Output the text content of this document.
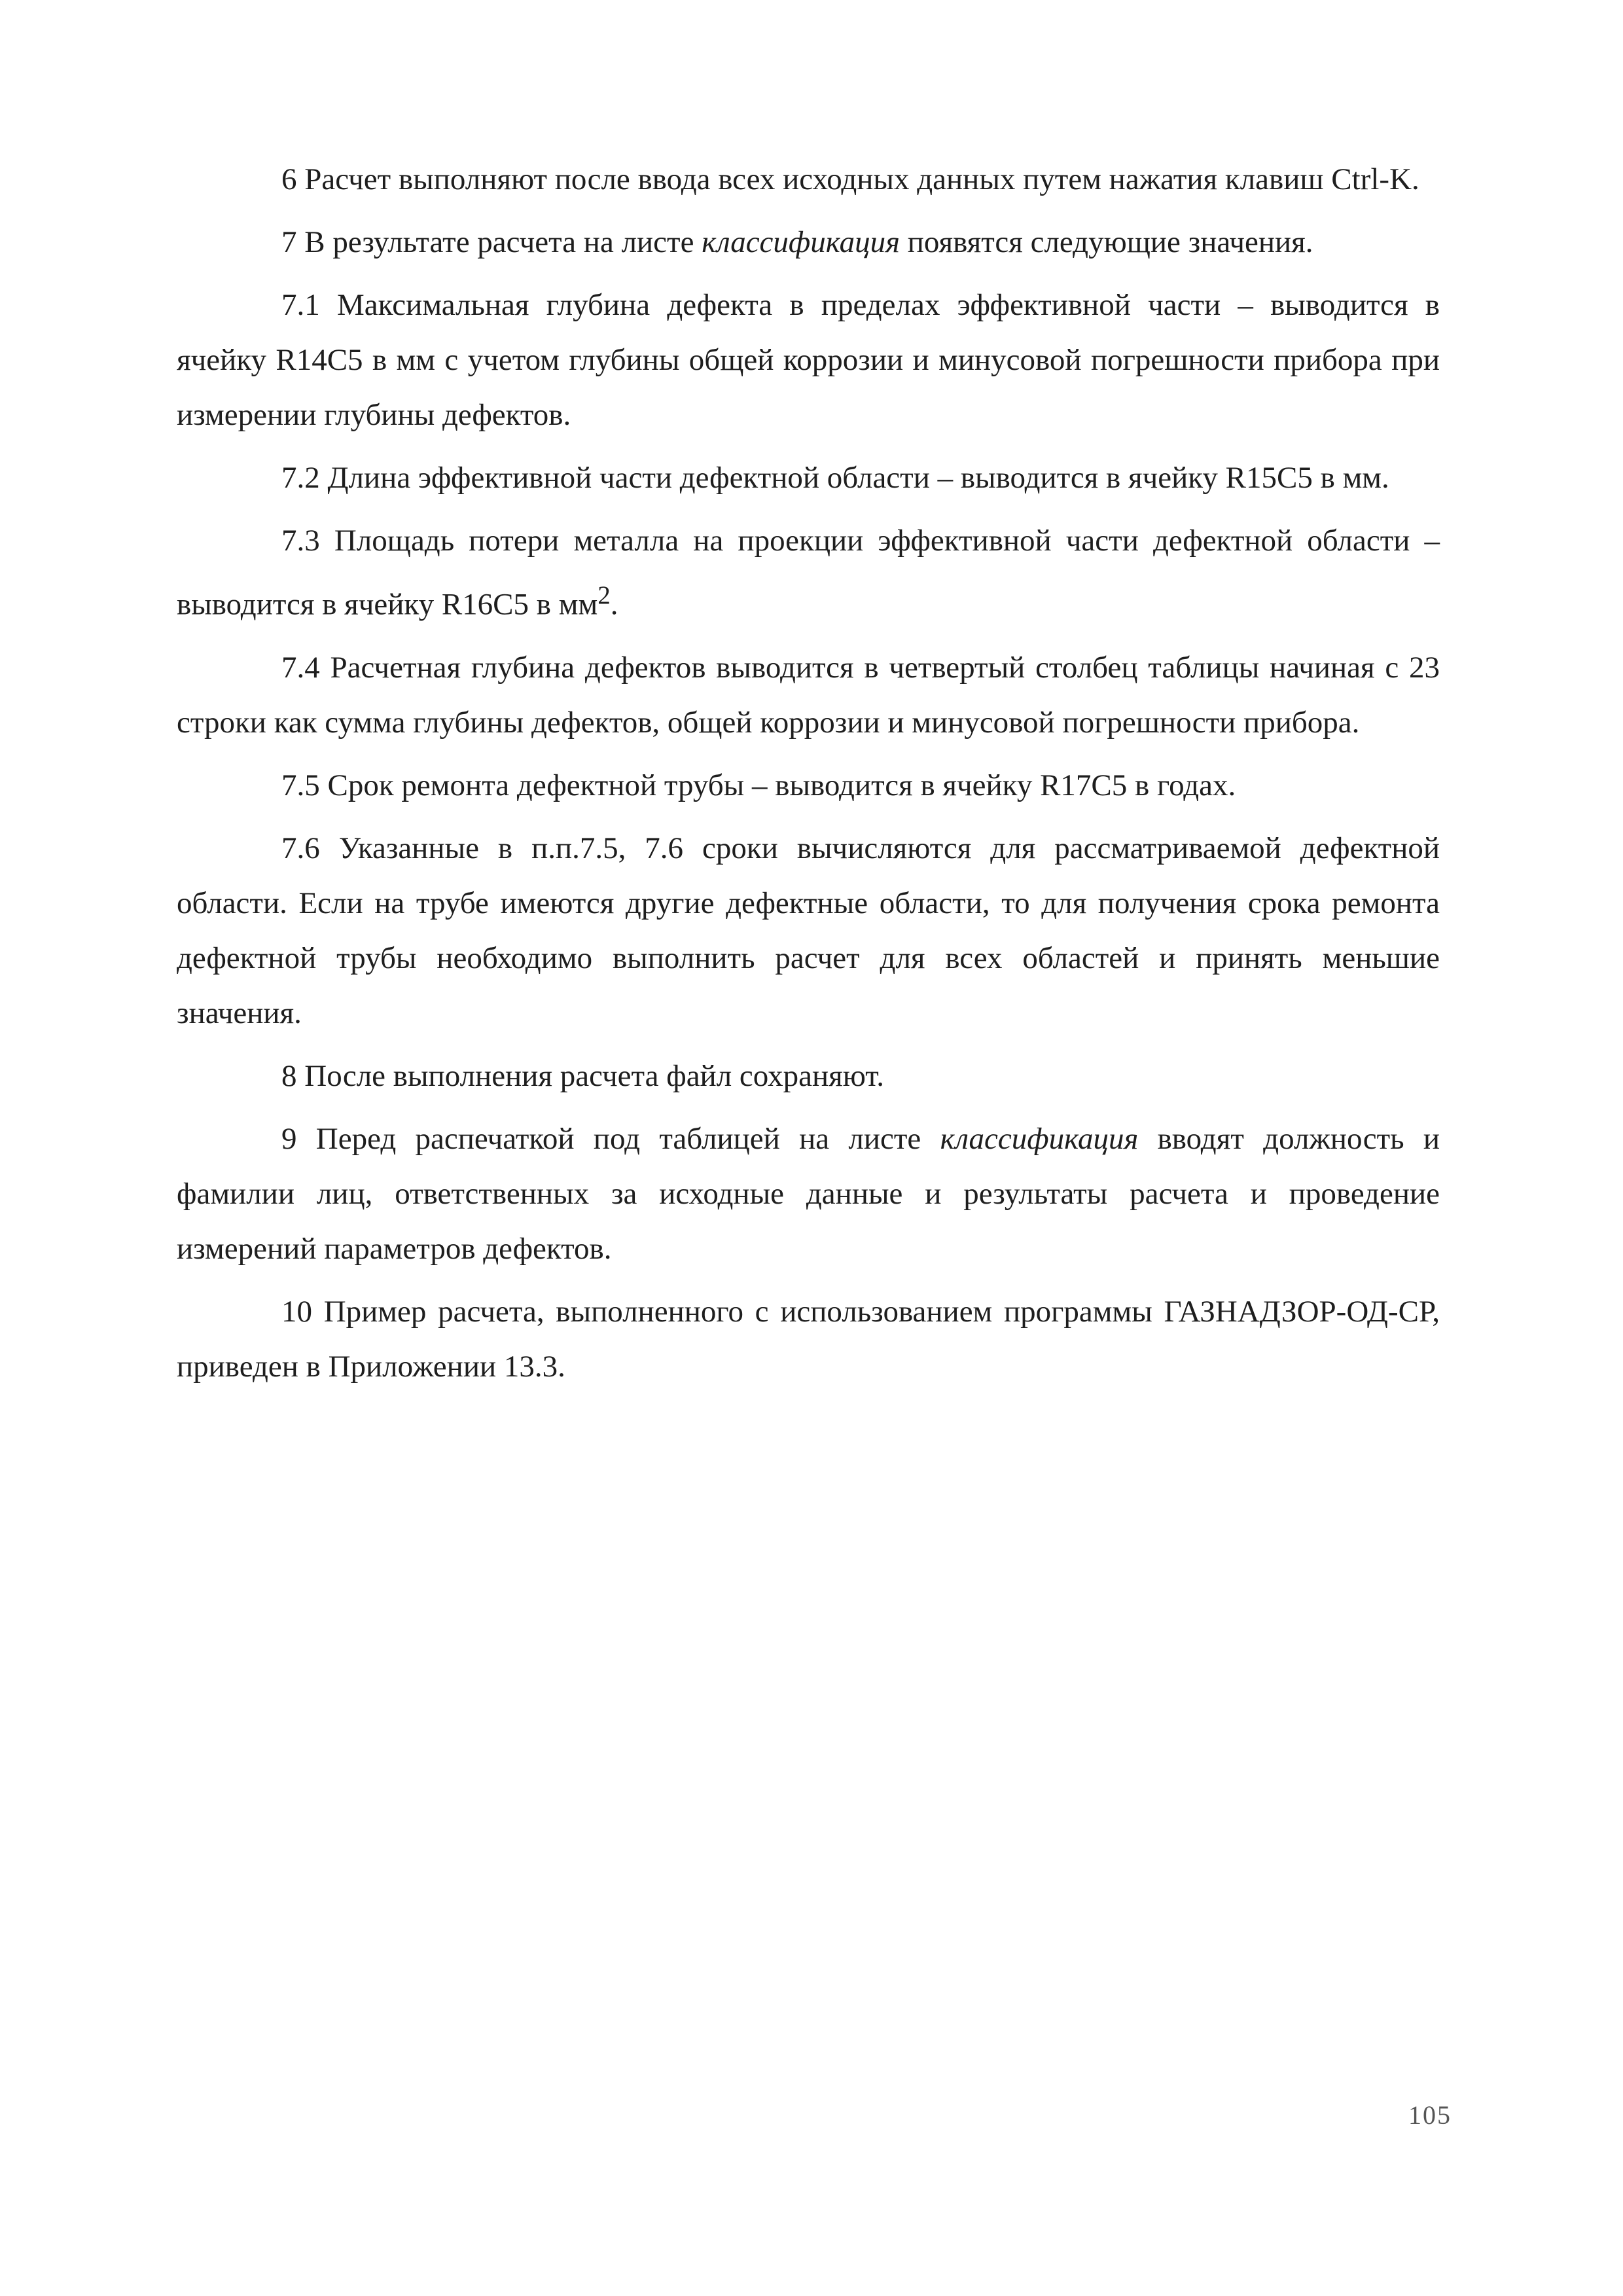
6 Расчет выполняют после ввода всех исходных данных путем нажатия клавиш Ctrl-K.

7 В результате расчета на листе классификация появятся следующие значения.

7.1 Максимальная глубина дефекта в пределах эффективной части – выводится в ячейку R14C5 в мм с учетом глубины общей коррозии и минусовой погрешности прибора при измерении глубины дефектов.

7.2 Длина эффективной части дефектной области – выводится в ячейку R15C5 в мм.

7.3 Площадь потери металла на проекции эффективной части дефектной области – выводится в ячейку R16C5 в $мм^2$.

7.4 Расчетная глубина дефектов выводится в четвертый столбец таблицы начиная с 23 строки как сумма глубины дефектов, общей коррозии и минусовой погрешности прибора.

7.5 Срок ремонта дефектной трубы – выводится в ячейку R17C5 в годах.

7.6 Указанные в п.п.7.5, 7.6 сроки вычисляются для рассматриваемой дефектной области. Если на трубе имеются другие дефектные области, то для получения срока ремонта дефектной трубы необходимо выполнить расчет для всех областей и принять меньшие значения.

8 После выполнения расчета файл сохраняют.

9 Перед распечаткой под таблицей на листе классификация вводят должность и фамилии лиц, ответственных за исходные данные и результаты расчета и проведение измерений параметров дефектов.

10 Пример расчета, выполненного с использованием программы ГАЗНАДЗОР-ОД-СР, приведен в Приложении 13.3.

105
